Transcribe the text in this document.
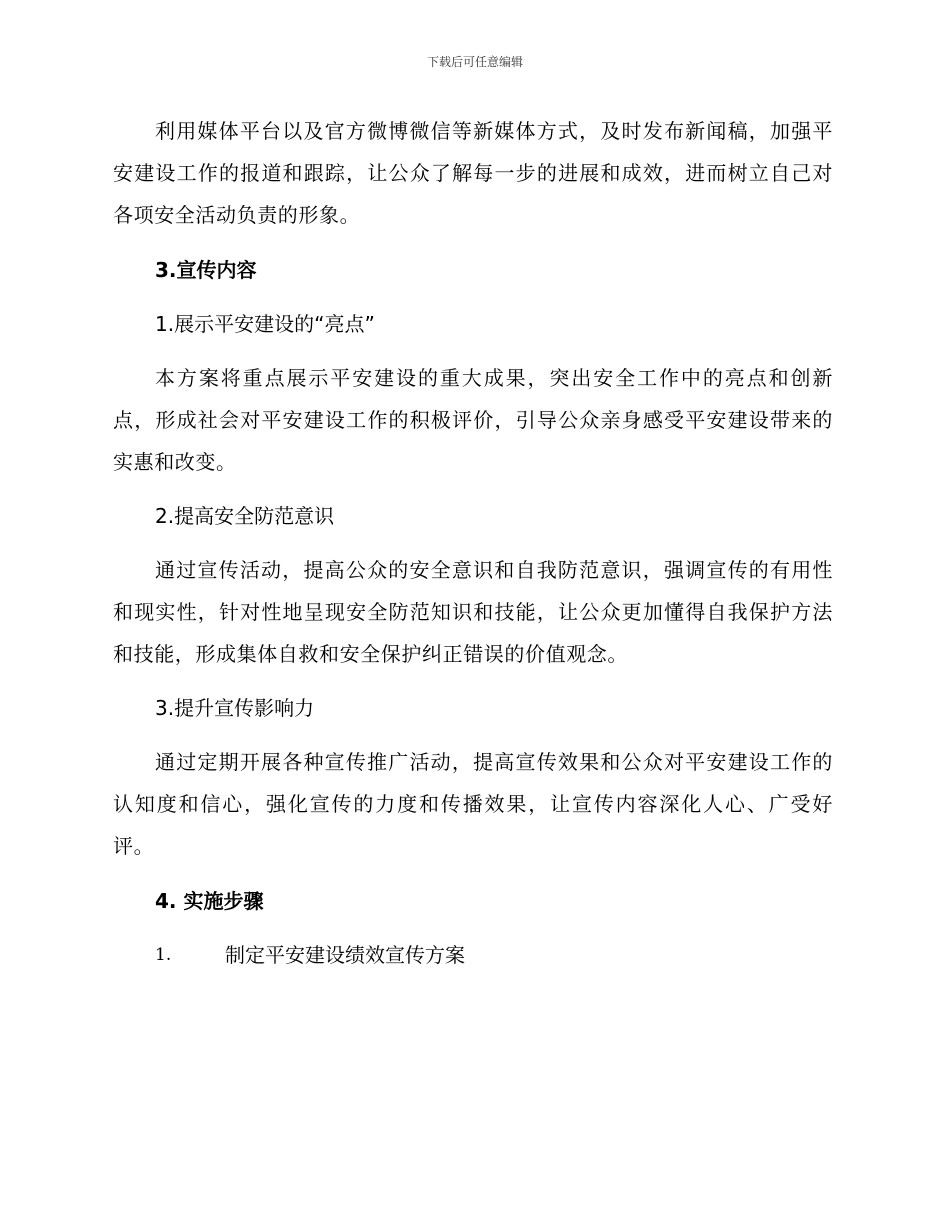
下载后可任意编辑

利用媒体平台以及官方微博微信等新媒体方式，及时发布新闻稿，加强平安建设工作的报道和跟踪，让公众了解每一步的进展和成效，进而树立自己对各项安全活动负责的形象。

3.宣传内容

1.展示平安建设的“亮点”

本方案将重点展示平安建设的重大成果，突出安全工作中的亮点和创新点，形成社会对平安建设工作的积极评价，引导公众亲身感受平安建设带来的实惠和改变。

2.提高安全防范意识

通过宣传活动，提高公众的安全意识和自我防范意识，强调宣传的有用性和现实性，针对性地呈现安全防范知识和技能，让公众更加懂得自我保护方法和技能，形成集体自救和安全保护纠正错误的价值观念。

3.提升宣传影响力

通过定期开展各种宣传推广活动，提高宣传效果和公众对平安建设工作的认知度和信心，强化宣传的力度和传播效果，让宣传内容深化人心、广受好评。

4. 实施步骤

1.	制定平安建设绩效宣传方案
